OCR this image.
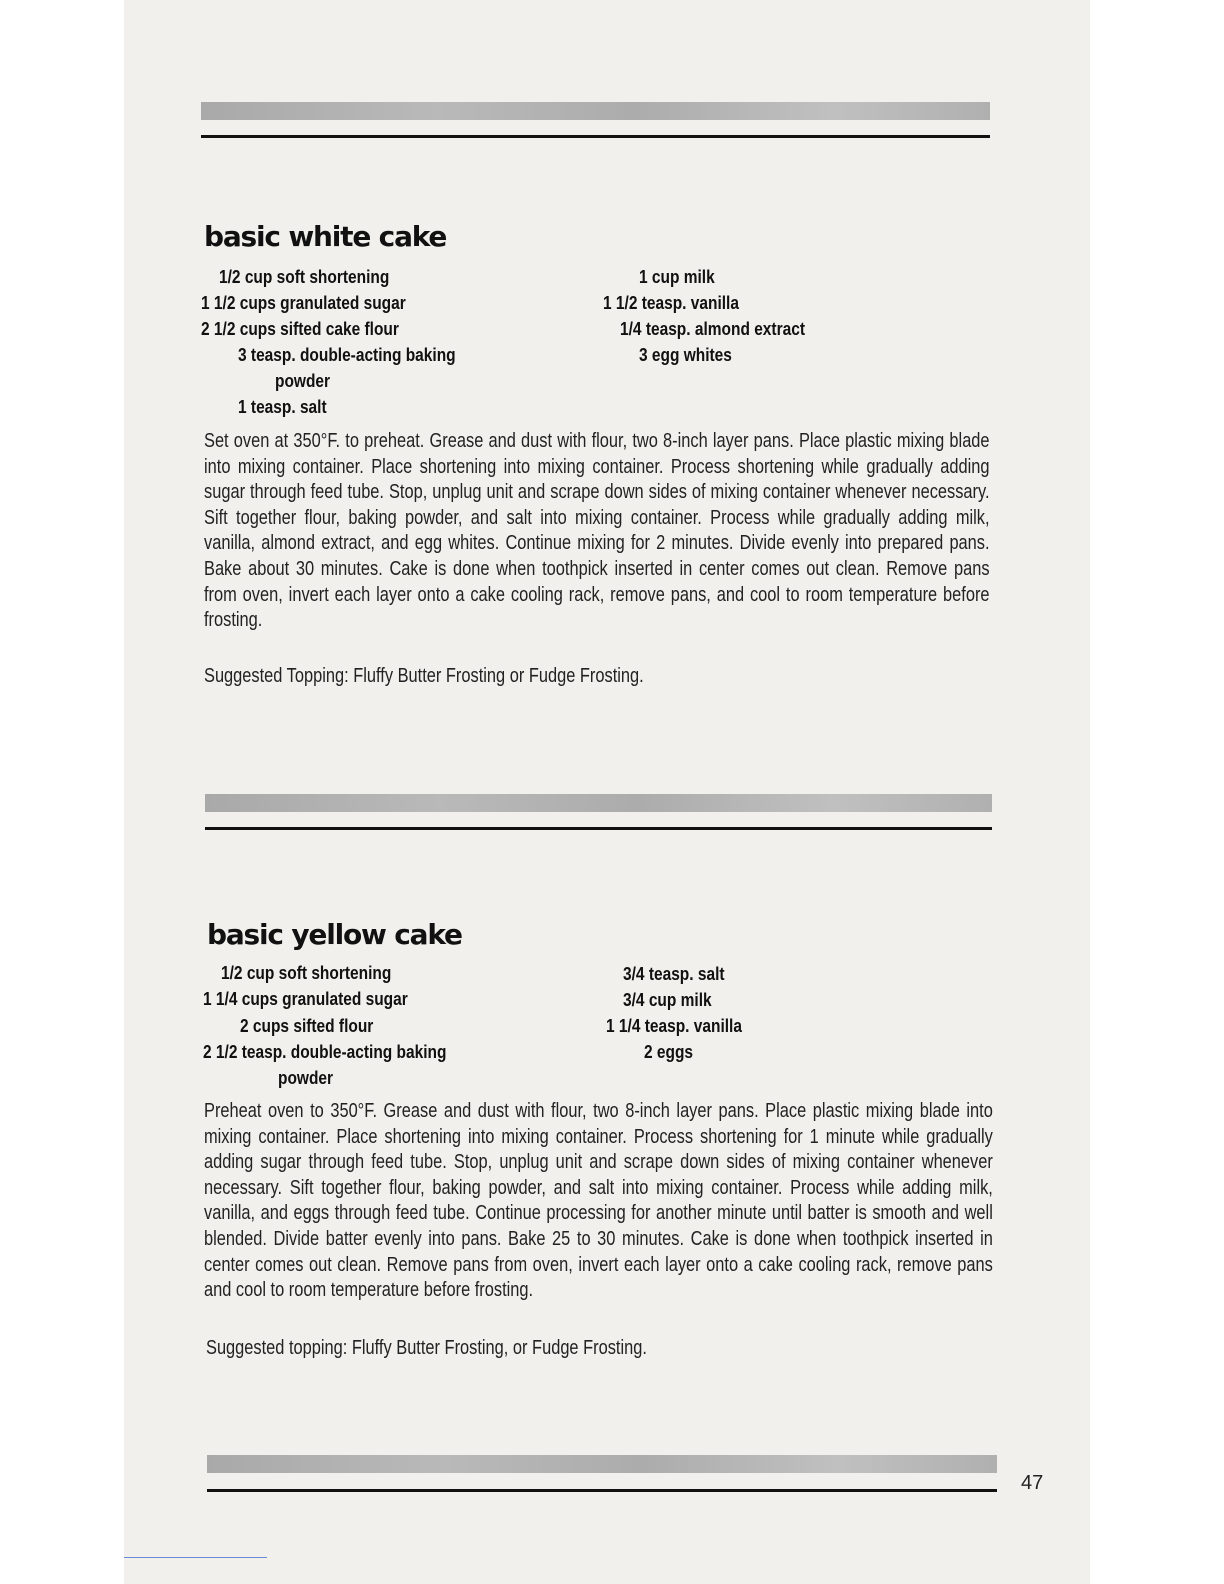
basic white cake
1/2 cup soft shortening
1 1/2 cups granulated sugar
2 1/2 cups sifted cake flour
3 teasp. double-acting baking
powder
1 teasp. salt
1 cup milk
1 1/2 teasp. vanilla
1/4 teasp. almond extract
3 egg whites
Set oven at 350°F. to preheat. Grease and dust with flour, two 8-inch layer pans. Place plastic mixing blade into mixing container. Place shortening into mixing container. Process shortening while gradually adding sugar through feed tube. Stop, unplug unit and scrape down sides of mixing container whenever necessary. Sift together flour, baking powder, and salt into mixing container. Process while gradually adding milk, vanilla, almond extract, and egg whites. Continue mixing for 2 minutes. Divide evenly into prepared pans. Bake about 30 minutes. Cake is done when toothpick inserted in center comes out clean. Remove pans from oven, invert each layer onto a cake cooling rack, remove pans, and cool to room temperature before frosting.
Suggested Topping: Fluffy Butter Frosting or Fudge Frosting.
basic yellow cake
1/2 cup soft shortening
1 1/4 cups granulated sugar
2 cups sifted flour
2 1/2 teasp. double-acting baking
powder
3/4 teasp. salt
3/4 cup milk
1 1/4 teasp. vanilla
2 eggs
Preheat oven to 350°F. Grease and dust with flour, two 8-inch layer pans. Place plastic mixing blade into mixing container. Place shortening into mixing container. Process shortening for 1 minute while gradually adding sugar through feed tube. Stop, unplug unit and scrape down sides of mixing container whenever necessary. Sift together flour, baking powder, and salt into mixing container. Process while adding milk, vanilla, and eggs through feed tube. Continue processing for another minute until batter is smooth and well blended. Divide batter evenly into pans. Bake 25 to 30 minutes. Cake is done when toothpick inserted in center comes out clean. Remove pans from oven, invert each layer onto a cake cooling rack, remove pans and cool to room temperature before frosting.
Suggested topping: Fluffy Butter Frosting, or Fudge Frosting.
47
